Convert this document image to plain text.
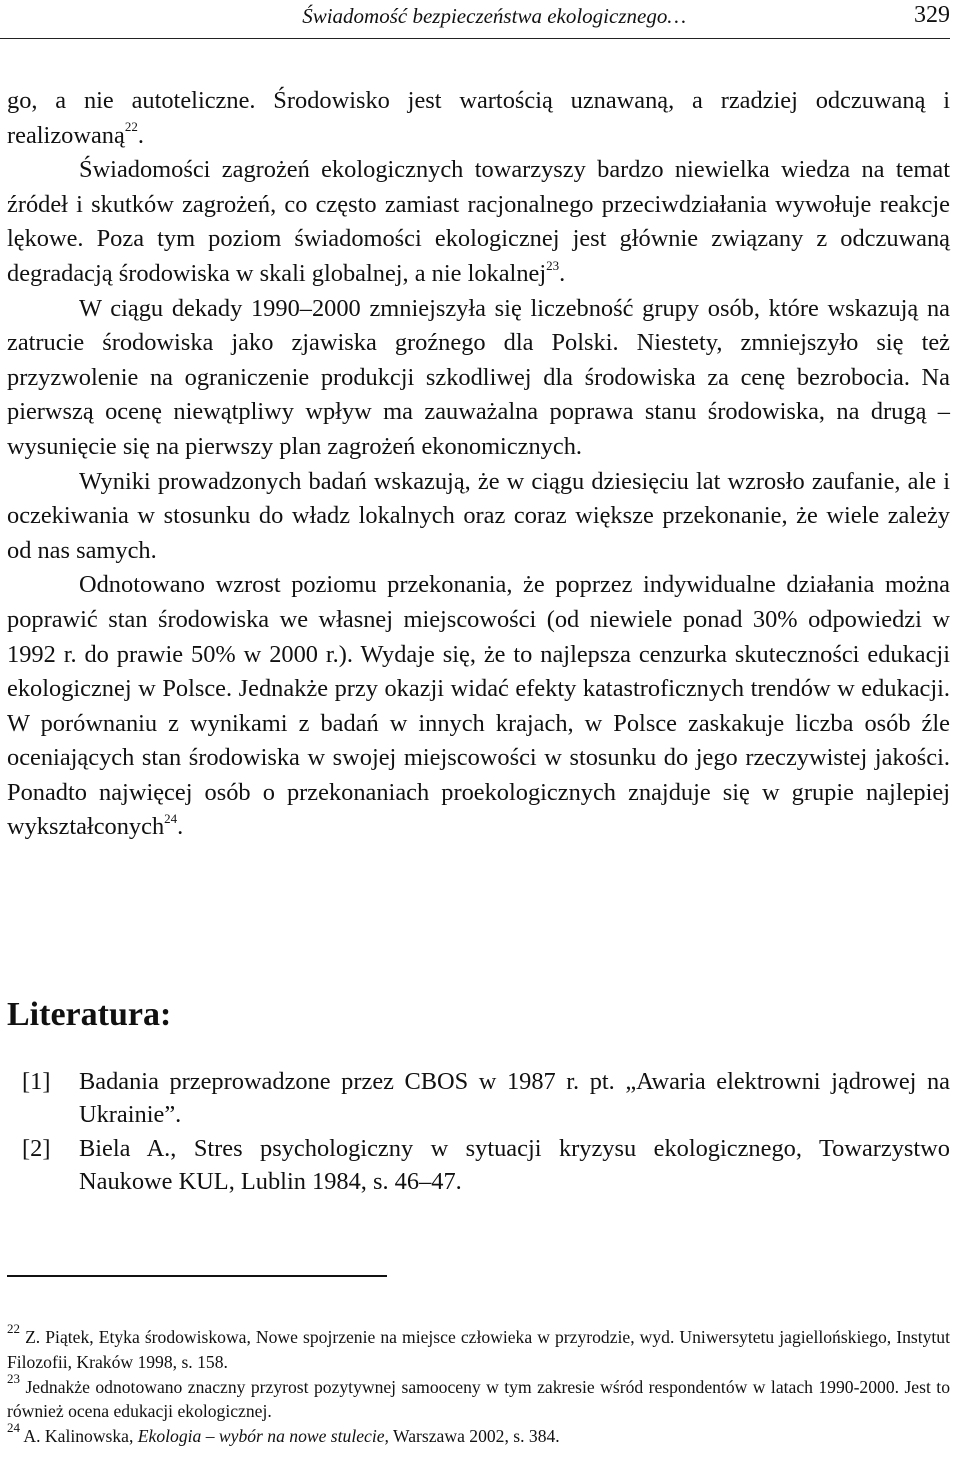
Świadomość bezpieczeństwa ekologicznego…	329

go, a nie autoteliczne. Środowisko jest wartością uznawaną, a rzadziej odczuwaną i realizowaną$^{22}$.

Świadomości zagrożeń ekologicznych towarzyszy bardzo niewielka wiedza na temat źródeł i skutków zagrożeń, co często zamiast racjonalnego przeciwdziałania wywołuje reakcje lękowe. Poza tym poziom świadomości ekologicznej jest głównie związany z odczuwaną degradacją środowiska w skali globalnej, a nie lokalnej$^{23}$.

W ciągu dekady 1990–2000 zmniejszyła się liczebność grupy osób, które wskazują na zatrucie środowiska jako zjawiska groźnego dla Polski. Niestety, zmniejszyło się też przyzwolenie na ograniczenie produkcji szkodliwej dla środowiska za cenę bezrobocia. Na pierwszą ocenę niewątpliwy wpływ ma zauważalna poprawa stanu środowiska, na drugą – wysunięcie się na pierwszy plan zagrożeń ekonomicznych.

Wyniki prowadzonych badań wskazują, że w ciągu dziesięciu lat wzrosło zaufanie, ale i oczekiwania w stosunku do władz lokalnych oraz coraz większe przekonanie, że wiele zależy od nas samych.

Odnotowano wzrost poziomu przekonania, że poprzez indywidualne działania można poprawić stan środowiska we własnej miejscowości (od niewiele ponad 30% odpowiedzi w 1992 r. do prawie 50% w 2000 r.). Wydaje się, że to najlepsza cenzurka skuteczności edukacji ekologicznej w Polsce. Jednakże przy okazji widać efekty katastroficznych trendów w edukacji. W porównaniu z wynikami z badań w innych krajach, w Polsce zaskakuje liczba osób źle oceniających stan środowiska w swojej miejscowości w stosunku do jego rzeczywistej jakości. Ponadto najwięcej osób o przekonaniach proekologicznych znajduje się w grupie najlepiej wykształconych$^{24}$.

Literatura:
[1]	Badania przeprowadzone przez CBOS w 1987 r. pt. „Awaria elektrowni jądrowej na Ukrainie”.
[2]	Biela A., Stres psychologiczny w sytuacji kryzysu ekologicznego, Towarzystwo Naukowe KUL, Lublin 1984, s. 46–47.

$^{22}$ Z. Piątek, Etyka środowiskowa, Nowe spojrzenie na miejsce człowieka w przyrodzie, wyd. Uniwersytetu jagiellońskiego, Instytut Filozofii, Kraków 1998, s. 158.

$^{23}$ Jednakże odnotowano znaczny przyrost pozytywnej samooceny w tym zakresie wśród respondentów w latach 1990-2000. Jest to również ocena edukacji ekologicznej.

$^{24}$ A. Kalinowska, Ekologia – wybór na nowe stulecie, Warszawa 2002, s. 384.
